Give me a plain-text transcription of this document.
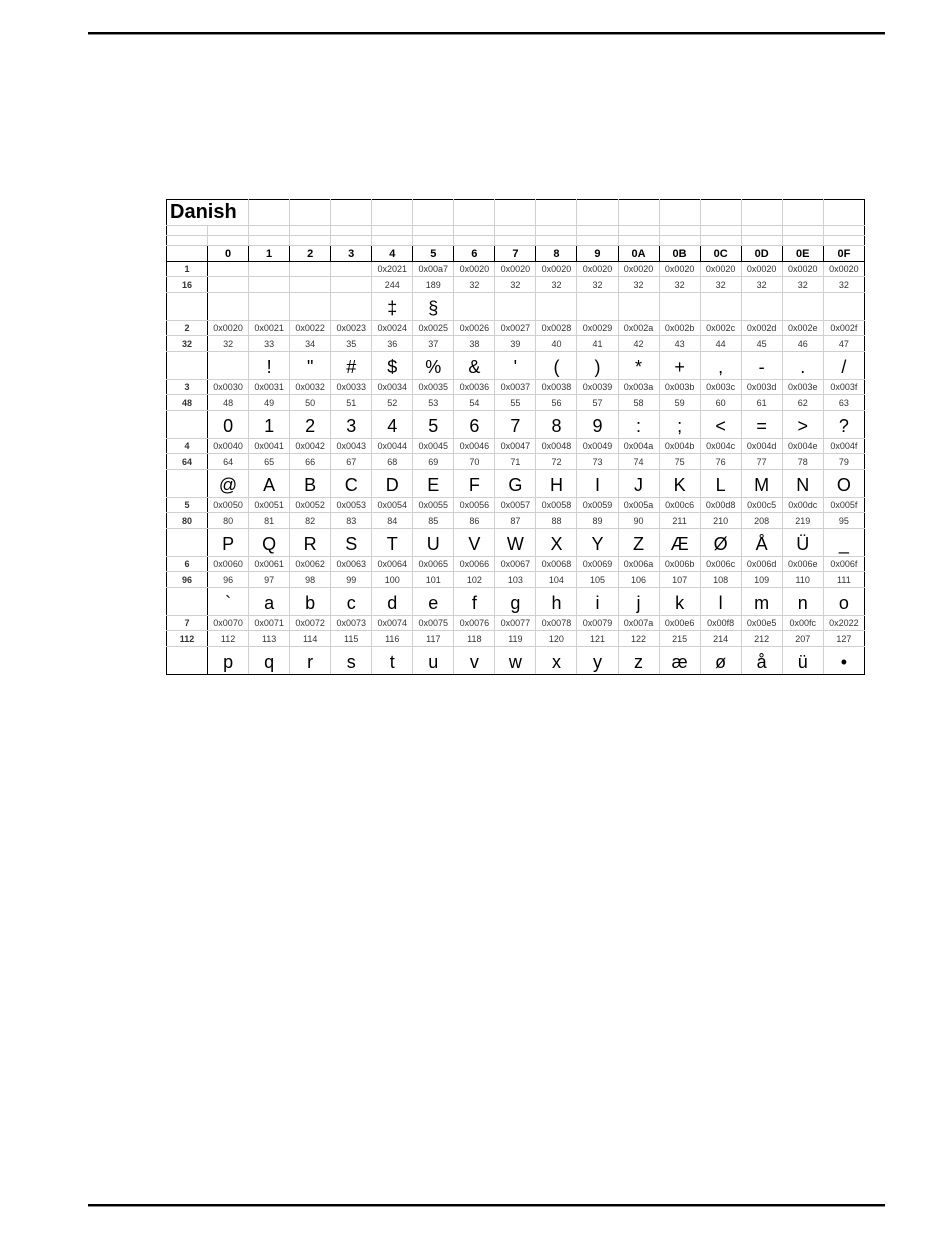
Danish																

	0	1	2	3	4	5	6	7	8	9	0A	0B	0C	0D	0E	0F
1					0x2021	0x00a7	0x0020	0x0020	0x0020	0x0020	0x0020	0x0020	0x0020	0x0020	0x0020	0x0020
16					244	189	32	32	32	32	32	32	32	32	32	32
					‡	§										
2	0x0020	0x0021	0x0022	0x0023	0x0024	0x0025	0x0026	0x0027	0x0028	0x0029	0x002a	0x002b	0x002c	0x002d	0x002e	0x002f
32	32	33	34	35	36	37	38	39	40	41	42	43	44	45	46	47
		!	"	#	$	%	&	'	(	)	*	+	,	-	.	/
3	0x0030	0x0031	0x0032	0x0033	0x0034	0x0035	0x0036	0x0037	0x0038	0x0039	0x003a	0x003b	0x003c	0x003d	0x003e	0x003f
48	48	49	50	51	52	53	54	55	56	57	58	59	60	61	62	63
	0	1	2	3	4	5	6	7	8	9	:	;	<	=	>	?
4	0x0040	0x0041	0x0042	0x0043	0x0044	0x0045	0x0046	0x0047	0x0048	0x0049	0x004a	0x004b	0x004c	0x004d	0x004e	0x004f
64	64	65	66	67	68	69	70	71	72	73	74	75	76	77	78	79
	@	A	B	C	D	E	F	G	H	I	J	K	L	M	N	O
5	0x0050	0x0051	0x0052	0x0053	0x0054	0x0055	0x0056	0x0057	0x0058	0x0059	0x005a	0x00c6	0x00d8	0x00c5	0x00dc	0x005f
80	80	81	82	83	84	85	86	87	88	89	90	211	210	208	219	95
	P	Q	R	S	T	U	V	W	X	Y	Z	Æ	Ø	Å	Ü	_
6	0x0060	0x0061	0x0062	0x0063	0x0064	0x0065	0x0066	0x0067	0x0068	0x0069	0x006a	0x006b	0x006c	0x006d	0x006e	0x006f
96	96	97	98	99	100	101	102	103	104	105	106	107	108	109	110	111
	`	a	b	c	d	e	f	g	h	i	j	k	l	m	n	o
7	0x0070	0x0071	0x0072	0x0073	0x0074	0x0075	0x0076	0x0077	0x0078	0x0079	0x007a	0x00e6	0x00f8	0x00e5	0x00fc	0x2022
112	112	113	114	115	116	117	118	119	120	121	122	215	214	212	207	127
	p	q	r	s	t	u	v	w	x	y	z	æ	ø	å	ü	•
